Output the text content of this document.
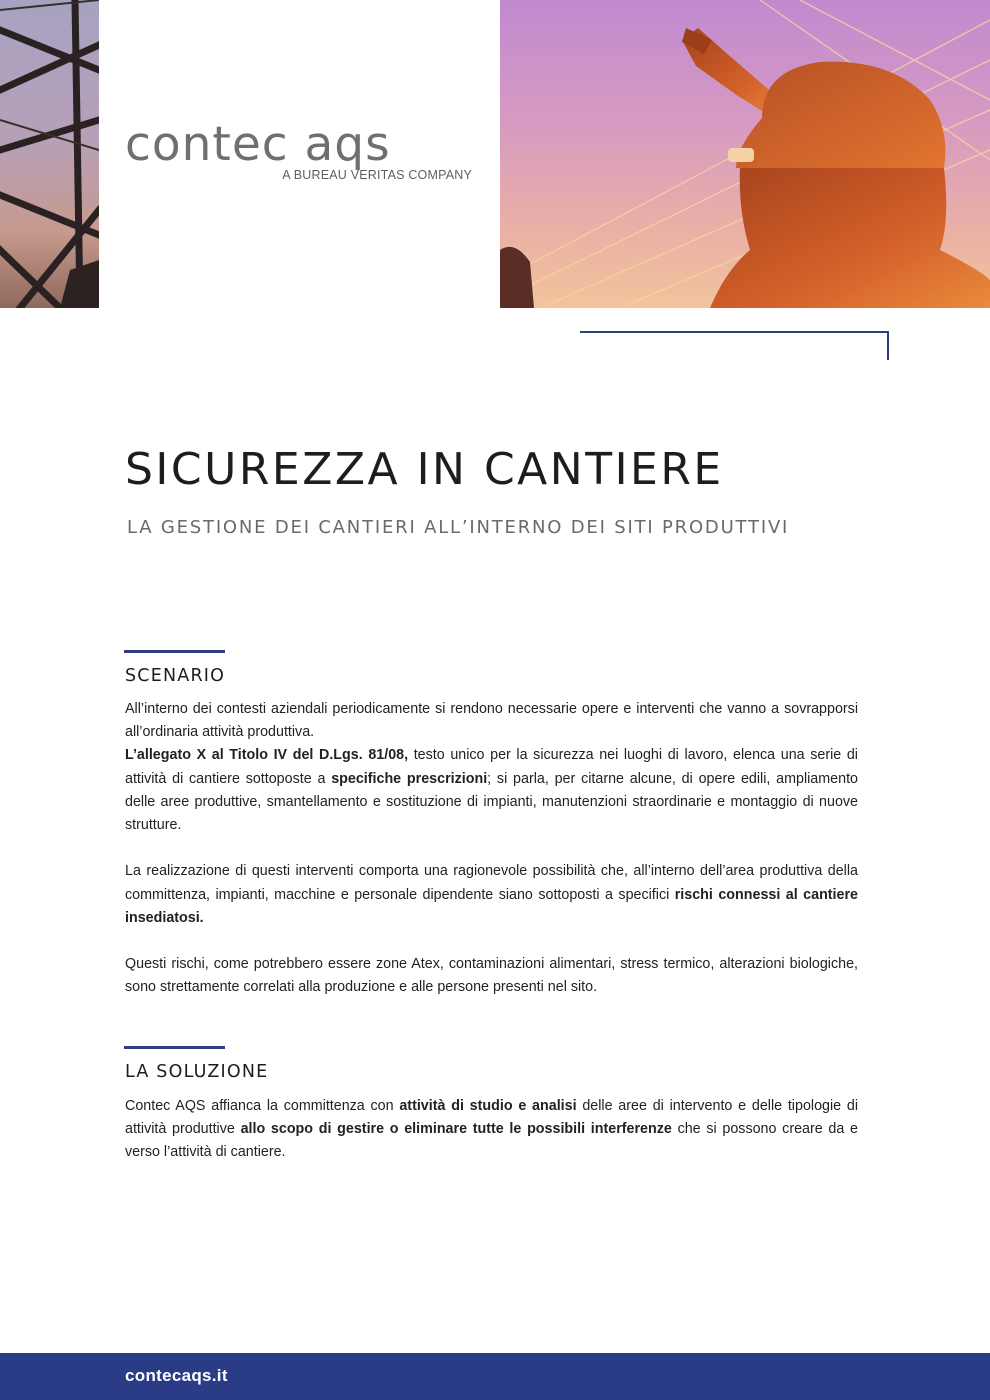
contec aqs
A BUREAU VERITAS COMPANY
SICUREZZA IN CANTIERE
LA GESTIONE DEI CANTIERI ALL’INTERNO DEI SITI PRODUTTIVI
SCENARIO

All’interno dei contesti aziendali periodicamente si rendono necessarie opere e interventi che vanno a sovrapporsi all’ordinaria attività produttiva.

L’allegato X al Titolo IV del D.Lgs. 81/08, testo unico per la sicurezza nei luoghi di lavoro, elenca una serie di attività di cantiere sottoposte a specifiche prescrizioni; si parla, per citarne alcune, di opere edili, ampliamento delle aree produttive, smantellamento e sostituzione di impianti, manutenzioni straordinarie e montaggio di nuove strutture.

La realizzazione di questi interventi comporta una ragionevole possibilità che, all’interno dell’area produttiva della committenza, impianti, macchine e personale dipendente siano sottoposti a specifici rischi connessi al cantiere insediatosi.

Questi rischi, come potrebbero essere zone Atex, contaminazioni alimentari, stress termico, alterazioni biologiche, sono strettamente correlati alla produzione e alle persone presenti nel sito.

LA SOLUZIONE

Contec AQS affianca la committenza con attività di studio e analisi delle aree di intervento e delle tipologie di attività produttive allo scopo di gestire o eliminare tutte le possibili interferenze che si possono creare da e verso l’attività di cantiere.

contecaqs.it
